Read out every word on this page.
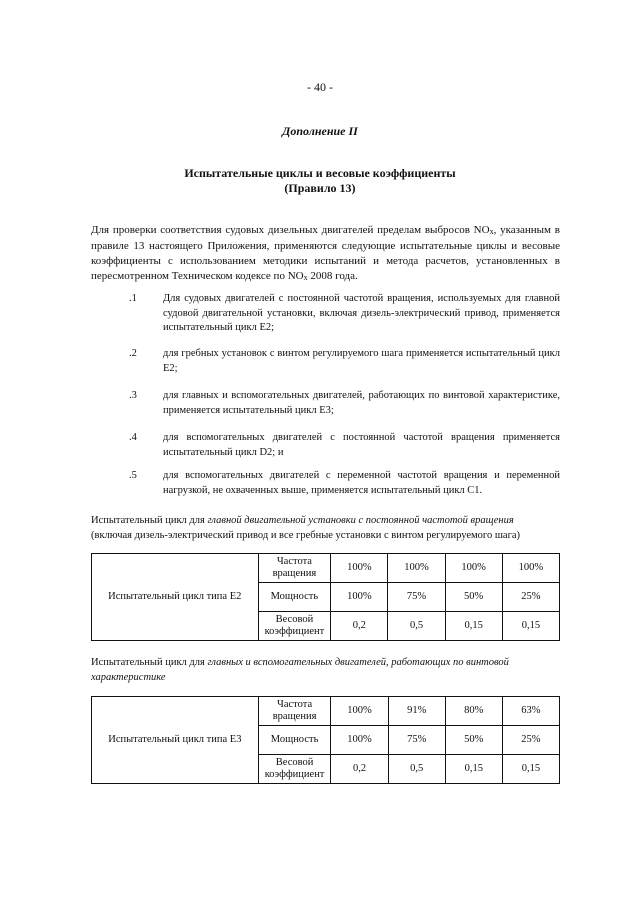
- 40 -
Дополнение II
Испытательные циклы и весовые коэффициенты
(Правило 13)
Для проверки соответствия судовых дизельных двигателей пределам выбросов $NO_x$, указанным в правиле 13 настоящего Приложения, применяются следующие испытательные циклы и весовые коэффициенты с использованием методики испытаний и метода расчетов, установленных в пересмотренном Техническом кодексе по $NO_x$ 2008 года.
.1 Для судовых двигателей с постоянной частотой вращения, используемых для главной судовой двигательной установки, включая дизель-электрический привод, применяется испытательный цикл E2;
.2 для гребных установок с винтом регулируемого шага применяется испытательный цикл E2;
.3 для главных и вспомогательных двигателей, работающих по винтовой характеристике, применяется испытательный цикл E3;
.4 для вспомогательных двигателей с постоянной частотой вращения применяется испытательный цикл D2; и
.5 для вспомогательных двигателей с переменной частотой вращения и переменной нагрузкой, не охваченных выше, применяется испытательный цикл C1.
Испытательный цикл для главной двигательной установки с постоянной частотой вращения
(включая дизель-электрический привод и все гребные установки с винтом регулируемого шага)
Испытательный цикл типа E2	Частота вращения	100%	100%	100%	100%
	Мощность	100%	75%	50%	25%
	Весовой коэффициент	0,2	0,5	0,15	0,15
Испытательный цикл для главных и вспомогательных двигателей, работающих по винтовой характеристике
Испытательный цикл типа E3	Частота вращения	100%	91%	80%	63%
	Мощность	100%	75%	50%	25%
	Весовой коэффициент	0,2	0,5	0,15	0,15
